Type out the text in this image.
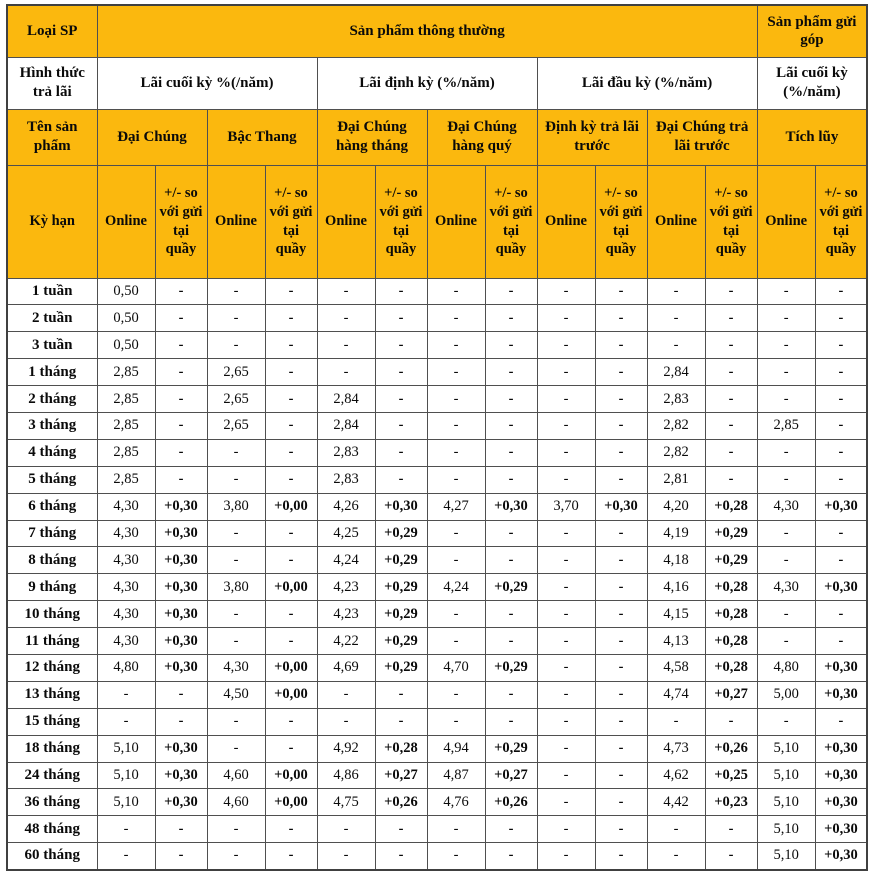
Loại SP	Sản phẩm thông thường												Sản phẩm gửi góp	
Hình thức trả lãi	Lãi cuối kỳ %(/năm)				Lãi định kỳ (%/năm)				Lãi đầu kỳ (%/năm)				Lãi cuối kỳ (%/năm)	
Tên sản phẩm	Đại Chúng		Bậc Thang		Đại Chúng hàng tháng		Đại Chúng hàng quý		Định kỳ trả lãi trước		Đại Chúng trả lãi trước		Tích lũy	
Kỳ hạn	Online	+/- so với gửi tại quầy	Online	+/- so với gửi tại quầy	Online	+/- so với gửi tại quầy	Online	+/- so với gửi tại quầy	Online	+/- so với gửi tại quầy	Online	+/- so với gửi tại quầy	Online	+/- so với gửi tại quầy
1 tuần	0,50	-	-	-	-	-	-	-	-	-	-	-	-	-
2 tuần	0,50	-	-	-	-	-	-	-	-	-	-	-	-	-
3 tuần	0,50	-	-	-	-	-	-	-	-	-	-	-	-	-
1 tháng	2,85	-	2,65	-	-	-	-	-	-	-	2,84	-	-	-
2 tháng	2,85	-	2,65	-	2,84	-	-	-	-	-	2,83	-	-	-
3 tháng	2,85	-	2,65	-	2,84	-	-	-	-	-	2,82	-	2,85	-
4 tháng	2,85	-	-	-	2,83	-	-	-	-	-	2,82	-	-	-
5 tháng	2,85	-	-	-	2,83	-	-	-	-	-	2,81	-	-	-
6 tháng	4,30	+0,30	3,80	+0,00	4,26	+0,30	4,27	+0,30	3,70	+0,30	4,20	+0,28	4,30	+0,30
7 tháng	4,30	+0,30	-	-	4,25	+0,29	-	-	-	-	4,19	+0,29	-	-
8 tháng	4,30	+0,30	-	-	4,24	+0,29	-	-	-	-	4,18	+0,29	-	-
9 tháng	4,30	+0,30	3,80	+0,00	4,23	+0,29	4,24	+0,29	-	-	4,16	+0,28	4,30	+0,30
10 tháng	4,30	+0,30	-	-	4,23	+0,29	-	-	-	-	4,15	+0,28	-	-
11 tháng	4,30	+0,30	-	-	4,22	+0,29	-	-	-	-	4,13	+0,28	-	-
12 tháng	4,80	+0,30	4,30	+0,00	4,69	+0,29	4,70	+0,29	-	-	4,58	+0,28	4,80	+0,30
13 tháng	-	-	4,50	+0,00	-	-	-	-	-	-	4,74	+0,27	5,00	+0,30
15 tháng	-	-	-	-	-	-	-	-	-	-	-	-	-	-
18 tháng	5,10	+0,30	-	-	4,92	+0,28	4,94	+0,29	-	-	4,73	+0,26	5,10	+0,30
24 tháng	5,10	+0,30	4,60	+0,00	4,86	+0,27	4,87	+0,27	-	-	4,62	+0,25	5,10	+0,30
36 tháng	5,10	+0,30	4,60	+0,00	4,75	+0,26	4,76	+0,26	-	-	4,42	+0,23	5,10	+0,30
48 tháng	-	-	-	-	-	-	-	-	-	-	-	-	5,10	+0,30
60 tháng	-	-	-	-	-	-	-	-	-	-	-	-	5,10	+0,30
